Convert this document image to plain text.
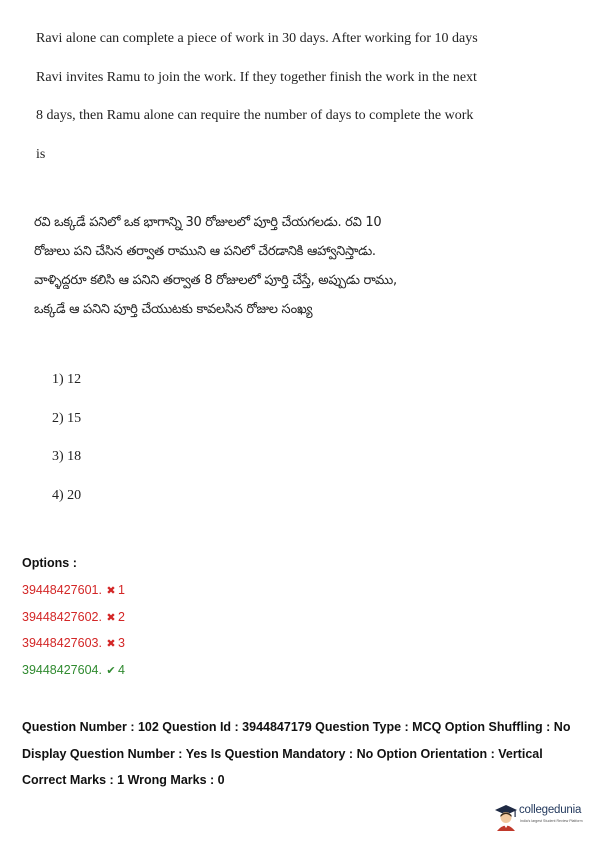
Ravi alone can complete a piece of work in 30 days. After working for 10 days
Ravi invites Ramu to join the work. If they together finish the work in the next
8 days, then Ramu alone can require the number of days to complete the work
is
రవి ఒక్కడే పనిలో ఒక భాగాన్ని 30 రోజులలో పూర్తి చేయగలడు. రవి 10
రోజులు పని చేసిన తర్వాత రాముని ఆ పనిలో చేరడానికి ఆహ్వానిస్తాడు.
వాళ్ళిద్దరూ కలిసి ఆ పనిని తర్వాత 8 రోజులలో పూర్తి చేస్తే, అప్పుడు రాము,
ఒక్కడే ఆ పనిని పూర్తి చేయుటకు కావలసిన రోజుల సంఖ్య
1) 12
2) 15
3) 18
4) 20
Options :
39448427601. ✖ 1
39448427602. ✖ 2
39448427603. ✖ 3
39448427604. ✔ 4
Question Number : 102 Question Id : 3944847179 Question Type : MCQ Option Shuffling : No
Display Question Number : Yes Is Question Mandatory : No Option Orientation : Vertical
Correct Marks : 1 Wrong Marks : 0
collegedunia
India's largest Student Review Platform
